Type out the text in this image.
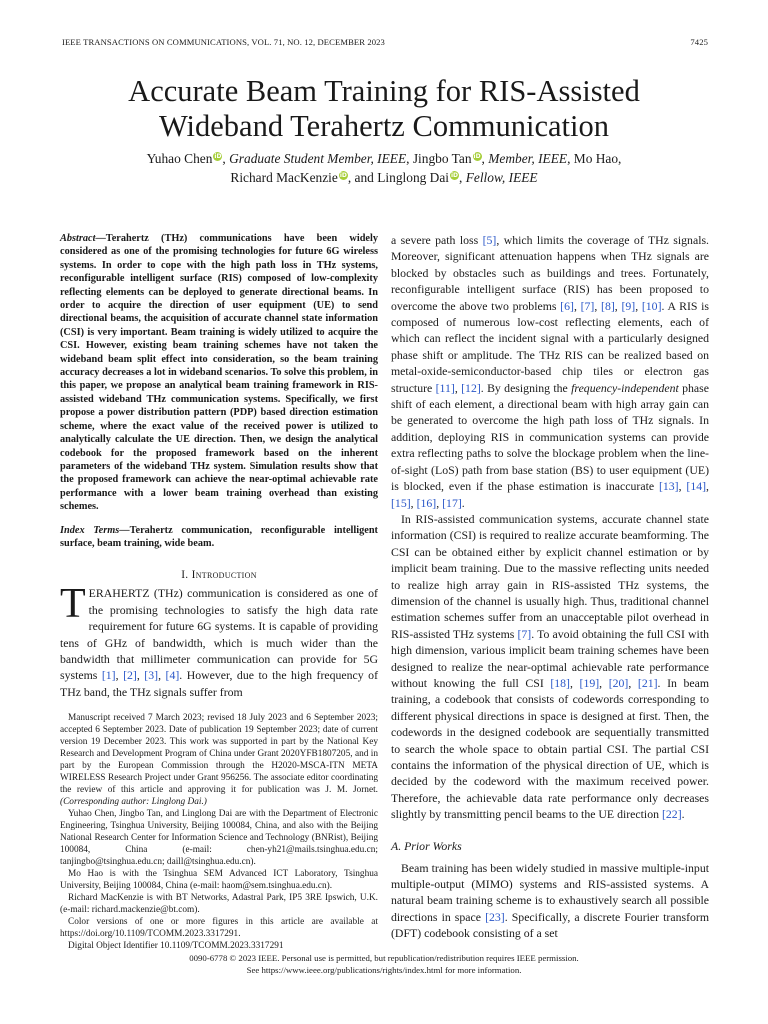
IEEE TRANSACTIONS ON COMMUNICATIONS, VOL. 71, NO. 12, DECEMBER 2023	7425
Accurate Beam Training for RIS-Assisted
Wideband Terahertz Communication
Yuhao Chen iD, Graduate Student Member, IEEE, Jingbo Tan iD, Member, IEEE, Mo Hao,
Richard MacKenzie iD, and Linglong Dai iD, Fellow, IEEE
Abstract—Terahertz (THz) communications have been widely considered as one of the promising technologies for future 6G wireless systems. In order to cope with the high path loss in THz systems, reconfigurable intelligent surface (RIS) composed of low-complexity reflecting elements can be deployed to generate directional beams. In order to acquire the direction of user equipment (UE) to send directional beams, the acquisition of accurate channel state information (CSI) is very important. Beam training is widely utilized to acquire the CSI. However, existing beam training schemes have not taken the wideband beam split effect into consideration, so the beam training accuracy decreases a lot in wideband scenarios. To solve this problem, in this paper, we propose an analytical beam training framework in RIS-assisted wideband THz communication systems. Specifically, we first propose a power distribution pattern (PDP) based direction estimation scheme, where the exact value of the received power is utilized to analytically calculate the UE direction. Then, we design the analytical codebook for the proposed framework based on the inherent parameters of the wideband THz system. Simulation results show that the proposed framework can achieve the near-optimal achievable rate performance with a lower beam training overhead than existing schemes.
Index Terms—Terahertz communication, reconfigurable intelligent surface, beam training, wide beam.
I. Introduction

TERAHERTZ (THz) communication is considered as one of the promising technologies to satisfy the high data rate requirement for future 6G systems. It is capable of providing tens of GHz of bandwidth, which is much wider than the bandwidth that millimeter communication can provide for 5G systems [1], [2], [3], [4]. However, due to the high frequency of THz band, the THz signals suffer from

Manuscript received 7 March 2023; revised 18 July 2023 and 6 September 2023; accepted 6 September 2023. Date of publication 19 September 2023; date of current version 19 December 2023. This work was supported in part by the National Key Research and Development Program of China under Grant 2020YFB1807205, and in part by the European Commission through the H2020-MSCA-ITN META WIRELESS Research Project under Grant 956256. The associate editor coordinating the review of this article and approving it for publication was J. M. Jornet. (Corresponding author: Linglong Dai.)

Yuhao Chen, Jingbo Tan, and Linglong Dai are with the Department of Electronic Engineering, Tsinghua University, Beijing 100084, China, and also with the Beijing National Research Center for Information Science and Technology (BNRist), Beijing 100084, China (e-mail: chen-yh21@mails.tsinghua.edu.cn; tanjingbo@tsinghua.edu.cn; daill@tsinghua.edu.cn).

Mo Hao is with the Tsinghua SEM Advanced ICT Laboratory, Tsinghua University, Beijing 100084, China (e-mail: haom@sem.tsinghua.edu.cn).

Richard MacKenzie is with BT Networks, Adastral Park, IP5 3RE Ipswich, U.K. (e-mail: richard.mackenzie@bt.com).

Color versions of one or more figures in this article are available at https://doi.org/10.1109/TCOMM.2023.3317291.

Digital Object Identifier 10.1109/TCOMM.2023.3317291

a severe path loss [5], which limits the coverage of THz signals. Moreover, significant attenuation happens when THz signals are blocked by obstacles such as buildings and trees. Fortunately, reconfigurable intelligent surface (RIS) has been proposed to overcome the above two problems [6], [7], [8], [9], [10]. A RIS is composed of numerous low-cost reflecting elements, each of which can reflect the incident signal with a particularly designed phase shift or amplitude. The THz RIS can be realized based on metal-oxide-semiconductor-based chip tiles or electron gas structure [11], [12]. By designing the frequency-independent phase shift of each element, a directional beam with high array gain can be generated to overcome the high path loss of THz signals. In addition, deploying RIS in communication systems can provide extra reflecting paths to solve the blockage problem when the line-of-sight (LoS) path from base station (BS) to user equipment (UE) is blocked, even if the phase estimation is inaccurate [13], [14], [15], [16], [17].

In RIS-assisted communication systems, accurate channel state information (CSI) is required to realize accurate beamforming. The CSI can be obtained either by explicit channel estimation or by implicit beam training. Due to the massive reflecting units needed to realize high array gain in RIS-assisted THz systems, the dimension of the channel is usually high. Thus, traditional channel estimation schemes suffer from an unacceptable pilot overhead in RIS-assisted THz systems [7]. To avoid obtaining the full CSI with high dimension, various implicit beam training schemes have been designed to realize the near-optimal achievable rate performance without knowing the full CSI [18], [19], [20], [21]. In beam training, a codebook that consists of codewords corresponding to different physical directions in space is designed at first. Then, the codewords in the designed codebook are sequentially transmitted to search the whole space to obtain partial CSI. The partial CSI contains the information of the physical direction of UE, which is decided by the codeword with the maximum received power. Therefore, the achievable data rate performance only decreases slightly by transmitting pencil beams to the UE direction [22].

A. Prior Works

Beam training has been widely studied in massive multiple-input multiple-output (MIMO) systems and RIS-assisted systems. A natural beam training scheme is to exhaustively search all possible directions in space [23]. Specifically, a discrete Fourier transform (DFT) codebook consisting of a set

0090-6778 © 2023 IEEE. Personal use is permitted, but republication/redistribution requires IEEE permission.
See https://www.ieee.org/publications/rights/index.html for more information.
